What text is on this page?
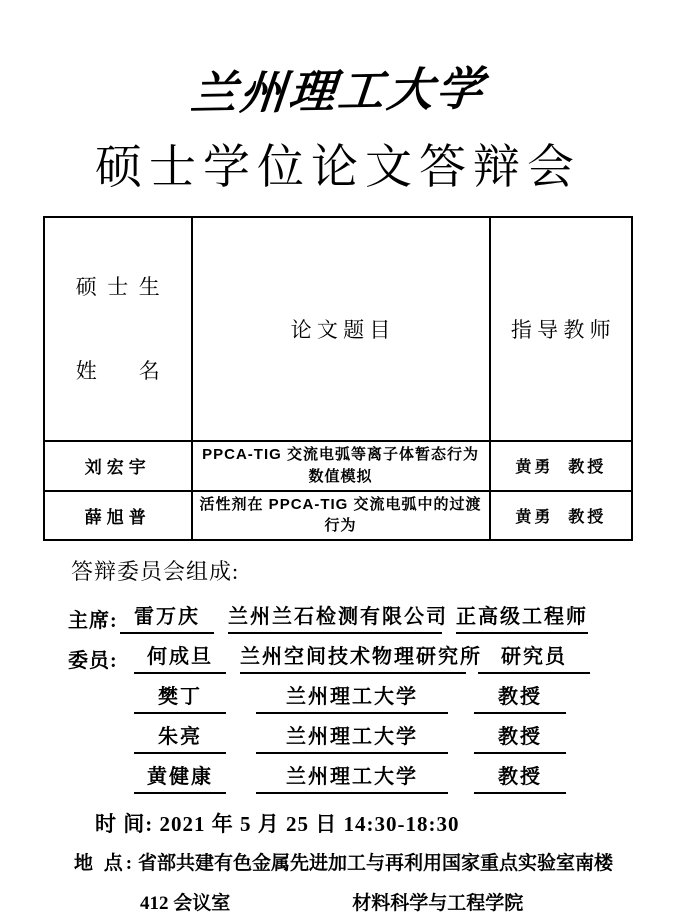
兰州理工大学
硕士学位论文答辩会

硕  士  生

姓        名	论 文 题 目	指 导 教 师
刘宏宇	PPCA-TIG 交流电弧等离子体暂态行为数值模拟	黄勇  教授
薛旭普	活性剂在 PPCA-TIG 交流电弧中的过渡行为	黄勇  教授
答辩委员会组成:
主席: 雷万庆	兰州兰石检测有限公司 正高级工程师
委员:	何成旦	兰州空间技术物理研究所 研究员
樊丁	兰州理工大学	教授
朱亮	兰州理工大学	教授
黄健康	兰州理工大学	教授
时 间: 2021 年 5 月 25 日 14:30-18:30
地 点: 省部共建有色金属先进加工与再利用国家重点实验室南楼
412 会议室	材料科学与工程学院
